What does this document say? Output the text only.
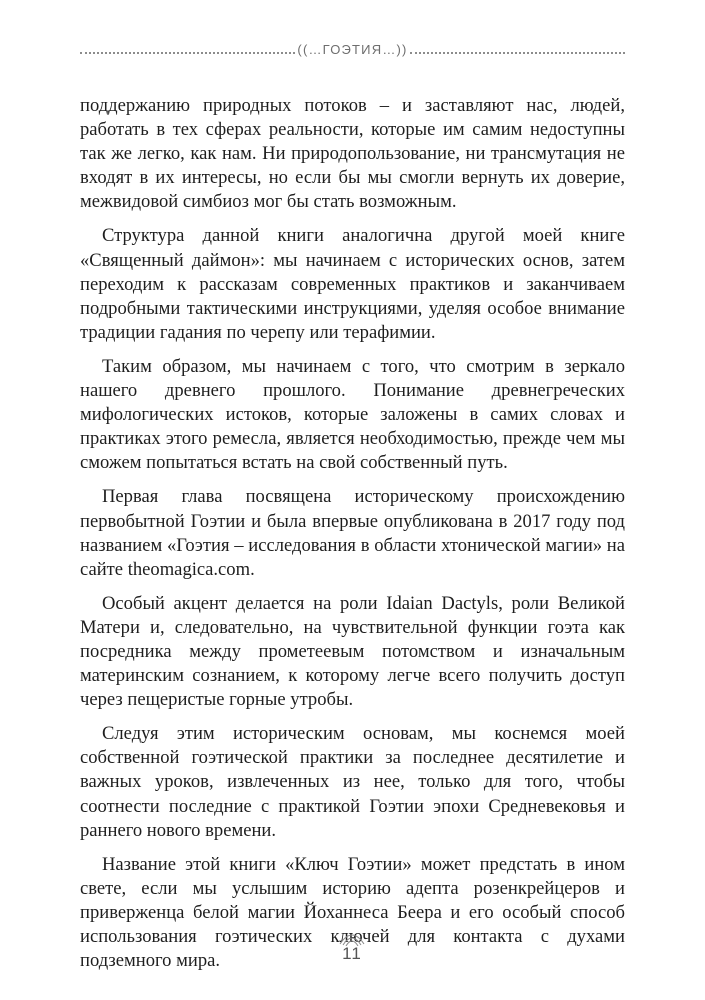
((…ГОЭТИЯ…))

поддержанию природных потоков – и заставляют нас, людей, работать в тех сферах реальности, которые им самим недоступны так же легко, как нам. Ни природопользование, ни трансмутация не входят в их интересы, но если бы мы смогли вернуть их доверие, межвидовой симбиоз мог бы стать возможным.

Структура данной книги аналогична другой моей книге «Священный даймон»: мы начинаем с исторических основ, затем переходим к рассказам современных практиков и заканчиваем подробными тактическими инструкциями, уделяя особое внимание традиции гадания по черепу или терафимии.

Таким образом, мы начинаем с того, что смотрим в зеркало нашего древнего прошлого. Понимание древнегреческих мифологических истоков, которые заложены в самих словах и практиках этого ремесла, является необходимостью, прежде чем мы сможем попытаться встать на свой собственный путь.

Первая глава посвящена историческому происхождению первобытной Гоэтии и была впервые опубликована в 2017 году под названием «Гоэтия – исследования в области хтонической магии» на сайте theomagica.com.

Особый акцент делается на роли Idaian Dactyls, роли Великой Матери и, следовательно, на чувствительной функции гоэта как посредника между прометеевым потомством и изначальным материнским сознанием, к которому легче всего получить доступ через пещеристые горные утробы.

Следуя этим историческим основам, мы коснемся моей собственной гоэтической практики за последнее десятилетие и важных уроков, извлеченных из нее, только для того, чтобы соотнести последние с практикой Гоэтии эпохи Средневековья и раннего нового времени.

Название этой книги «Ключ Гоэтии» может предстать в ином свете, если мы услышим историю адепта розенкрейцеров и приверженца белой магии Йоханнеса Беера и его особый способ использования гоэтических ключей для контакта с духами подземного мира.	11
